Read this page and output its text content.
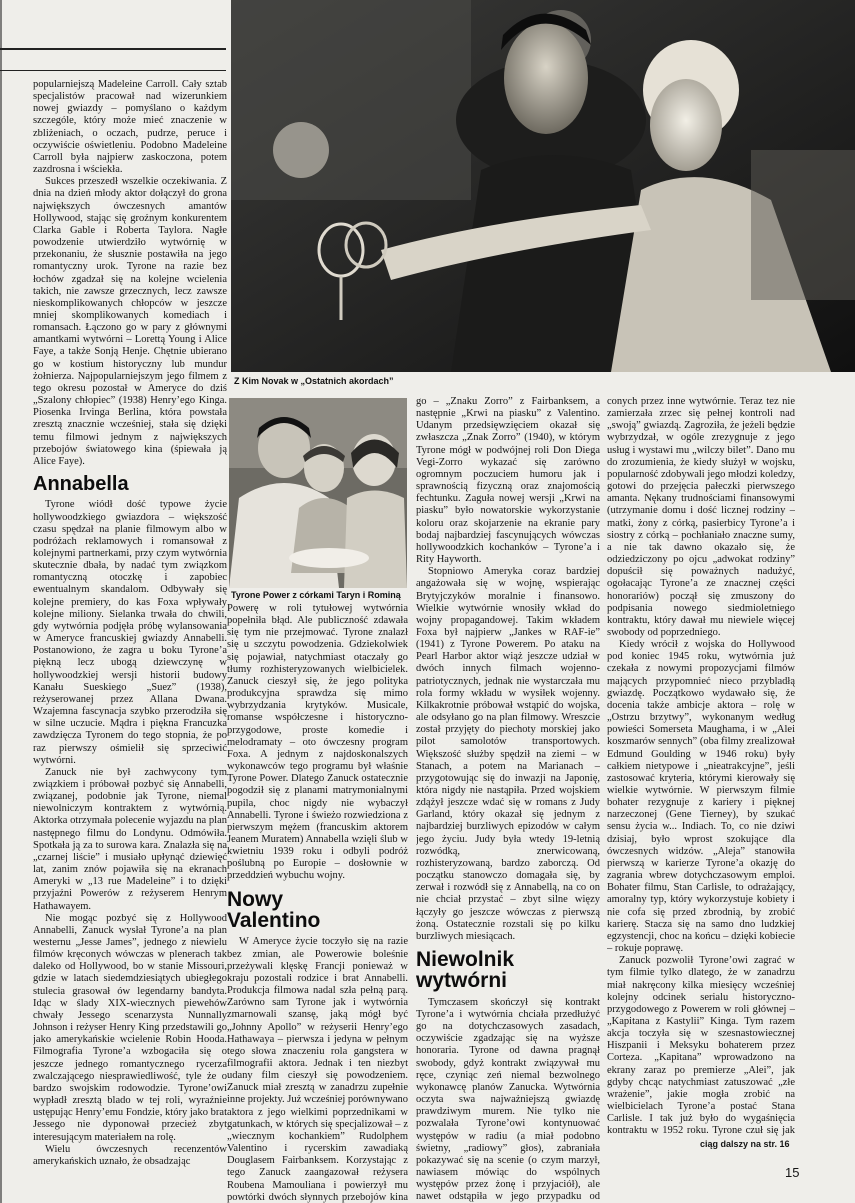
Z Kim Novak w „Ostatnich akordach”
Tyrone Power z córkami Taryn i Rominą

popularniejszą Madeleine Carroll. Cały sztab specjalistów pracował nad wizerunkiem nowej gwiazdy – pomyślano o każdym szczególe, który może mieć znaczenie w zbliżeniach, o oczach, pudrze, peruce i oczywiście oświetleniu. Podobno Madeleine Carroll była najpierw zaskoczona, potem zazdrosna i wściekła.

Sukces przeszedł wszelkie oczekiwania. Z dnia na dzień młody aktor dołączył do grona największych ówczesnych amantów Hollywood, stając się groźnym konkurentem Clarka Gable i Roberta Taylora. Nagłe powodzenie utwierdziło wytwórnię w przekonaniu, że słusznie postawiła na jego romantyczny urok. Tyrone na razie bez łochów zgadzał się na kolejne wcielenia takich, nie zawsze grzecznych, lecz zawsze nieskomplikowanych chłopców w jeszcze mniej skomplikowanych komediach i romansach. Łączono go w pary z głównymi amantkami wytwórni – Lorettą Young i Alice Faye, a także Sonją Henje. Chętnie ubierano go w kostium historyczny lub mundur żołnierza. Najpopularniejszym jego filmem z tego okresu pozostał w Ameryce do dziś „Szalony chłopiec” (1938) Henry’ego Kinga. Piosenka Irvinga Berlina, która powstała zresztą znacznie wcześniej, stała się dzięki temu filmowi jednym z największych przebojów światowego kina (śpiewała ją Alice Faye).

Annabella

Tyrone wiódł dość typowe życie hollywoodzkiego gwiazdora – większość czasu spędzał na planie filmowym albo w podróżach reklamowych i romansował z kolejnymi partnerkami, przy czym wytwórnia skutecznie dbała, by nadać tym związkom romantyczną otoczkę i zapobiec ewentualnym skandalom. Odbywały się kolejne premiery, do kas Foxa wpływały kolejne miliony. Sielanka trwała do chwili, gdy wytwórnia podjęła próbę wylansowania w Ameryce francuskiej gwiazdy Annabelli. Postanowiono, że zagra u boku Tyrone’a piękną lecz ubogą dziewczynę w hollywoodzkiej wersji historii budowy Kanału Sueskiego „Suez” (1938), reżyserowanej przez Allana Dwana. Wzajemna fascynacja szybko przerodziła się w silne uczucie. Mądra i piękna Francuzka zawdzięcza Tyronem do tego stopnia, że po raz pierwszy ośmielił się sprzeciwić wytwórni.

Zanuck nie był zachwycony tym związkiem i próbował pozbyć się Annabelli, związanej, podobnie jak Tyrone, niemal niewolniczym kontraktem z wytwórnią. Aktorka otrzymała polecenie wyjazdu na plan następnego filmu do Londynu. Odmówiła. Spotkała ją za to surowa kara. Znalazła się na „czarnej liście” i musiało upłynąć dziewięć lat, zanim znów pojawiła się na ekranach Ameryki w „13 rue Madeleine” i to dzięki przyjaźni Powerów z reżyserem Henrym Hathawayem.

Nie mogąc pozbyć się z Hollywood Annabelli, Zanuck wysłał Tyrone’a na plan westernu „Jesse James”, jednego z niewielu filmów kręconych wówczas w plenerach tak daleko od Hollywood, bo w stanie Missouri, gdzie w latach siedemdziesiątych ubiegłego stulecia grasował ów legendarny bandyta. Idąc w ślady XIX-wiecznych piewehów chwały Jessego scenarzysta Nunnally Johnson i reżyser Henry King przedstawili go jako amerykańskie wcielenie Robin Hooda. Filmografia Tyrone’a wzbogaciła się o jeszcze jednego romantycznego rycerza zwalczającego niesprawiedliwość, tyle że o bardzo swojskim rodowodzie. Tyrone’owi wypładł zresztą blado w tej roli, wyraźnie ustępując Henry’emu Fondzie, który jako brat Jessego nie dyponował przecież zbyt interesującym materiałem na rolę.

Wielu ówczesnych recenzentów amerykańskich uznało, że obsadzając

Powerę w roli tytułowej wytwórnia popełniła błąd. Ale publiczność zdawała się tym nie przejmować. Tyrone znalazł się u szczytu powodzenia. Gdziekolwiek się pojawiał, natychmiast otaczały go tłumy rozhisteryzowanych wielbicielek. Zanuck cieszył się, że jego polityka produkcyjna sprawdza się mimo wybrzydzania krytyków. Musicale, romanse współczesne i historyczno-przygodowe, proste komedie i melodramaty – oto ówczesny program Foxa. A jednym z najdoskonalszych wykonawców tego programu był właśnie Tyrone Power. Dlatego Zanuck ostatecznie pogodził się z planami matrymonialnymi pupila, choc nigdy nie wybaczył Annabelli. Tyrone i świeżo rozwiedziona z pierwszym mężem (francuskim aktorem Jeanem Muratem) Annabella wzięli ślub w kwietniu 1939 roku i odbyli podróż poślubną po Europie – dosłownie w przeddzień wybuchu wojny.

Nowy Valentino

W Ameryce życie toczyło się na razie bez zmian, ale Powerowie boleśnie przeżywali klęskę Francji ponieważ w kraju pozostali rodzice i brat Annabelli. Produkcja filmowa nadal szła pełną parą. Zarówno sam Tyrone jak i wytwórnia zmarnowali szansę, jaką mógł być „Johnny Apollo” w reżyserii Henry’ego Hathawaya – pierwsza i jedyna w pełnym tego słowa znaczeniu rola gangstera w filmografii aktora. Jednak i ten niezbyt udany film cieszył się powodzeniem. Zanuck miał zresztą w zanadrzu zupełnie inne projekty. Już wcześniej porównywano aktora z jego wielkimi poprzednikami w gatunkach, w których się specjalizował – z „wiecznym kochankiem” Rudolphem Valentino i rycerskim zawadiaką Douglasem Fairbanksem. Korzystając z tego Zanuck zaangazował reżysera Roubena Mamouliana i powierzył mu powtórki dwóch słynnych przebojów kina

go – „Znaku Zorro” z Fairbanksem, a następnie „Krwi na piasku” z Valentino. Udanym przedsięwzięciem okazał się zwłaszcza „Znak Zorro” (1940), w którym Tyrone mógł w podwójnej roli Don Diega Vegi-Zorro wykazać się zarówno ogromnym poczuciem humoru jak i sprawnością fizyczną oraz znajomością fechtunku. Zaguła nowej wersji „Krwi na piasku” było nowatorskie wykorzystanie koloru oraz skojarzenie na ekranie pary bodaj najbardziej fascynujących wówczas hollywoodzkich kochanków – Tyrone’a i Rity Hayworth.

Stopniowo Ameryka coraz bardziej angażowała się w wojnę, wspierając Brytyjczyków moralnie i finansowo. Wielkie wytwórnie wnosiły wkład do wojny propagandowej. Takim wkładem Foxa był najpierw „Jankes w RAF-ie” (1941) z Tyrone Powerem. Po ataku na Pearl Harbor aktor wiąż jeszcze udział w dwóch innych filmach wojenno-patriotycznych, jednak nie wystarczała mu rola formy wkładu w wysiłek wojenny. Kilkakrotnie próbował wstąpić do wojska, ale odsyłano go na plan filmowy. Wreszcie został przyjęty do piechoty morskiej jako pilot samolotów transportowych. Większość służby spędził na ziemi – w Stanach, a potem na Marianach – przygotowując się do inwazji na Japonię, która nigdy nie nastąpiła. Przed wojskiem zdążył jeszcze wdać się w romans z Judy Garland, który okazał się jednym z najbardziej burzliwych epizodów w całym jego życiu. Judy była wtedy 19-letnią rozwódką, znerwicowaną, rozhisteryzowaną, bardzo zaborczą. Od początku stanowczo domagała się, by zerwał i rozwódł się z Annabellą, na co on nie chciał przystać – zbyt silne więzy łączyły go jeszcze wówczas z pierwszą żoną. Ostatecznie rozstali się po kilku burzliwych miesiącach.

Niewolnik wytwórni

Tymczasem skończył się kontrakt Tyrone’a i wytwórnia chciała przedłużyć go na dotychczasowych zasadach, oczywiście zgadzając się na wyższe honoraria. Tyrone od dawna pragnął swobody, gdyż kontrakt związywał mu ręce, czyniąc zeń niemal bezwolnego wykonawcę planów Zanucka. Wytwórnia oczyta swa najważniejszą gwiazdę prawdziwym murem. Nie tylko nie pozwalała Tyrone’owi kontynuować występów w radiu (a miał podobno świetny, „radiowy” głos), zabraniała pokazywać się na scenie (o czym marzył, nawiasem mówiąc do wspólnych występów przez żonę i przyjaciół), ale nawet odstąpiła w jego przypadku od

conych przez inne wytwórnie. Teraz tez nie zamierzała zrzec się pełnej kontroli nad „swoją” gwiazdą. Zagroziła, że jeżeli będzie wybrzydzał, w ogóle zrezygnuje z jego usług i wystawi mu „wilczy bilet”. Dano mu do zrozumienia, że kiedy służył w wojsku, popularność zdobywali jego młodzi koledzy, gotowi do przejęcia pałeczki pierwszego amanta. Nękany trudnościami finansowymi (utrzymanie domu i dość licznej rodziny – matki, żony z córką, pasierbicy Tyrone’a i siostry z córką – pochłaniało znaczne sumy, a nie tak dawno okazało się, że odziedziczony po ojcu „adwokat rodziny” dopuścił się poważnych nadużyć, ogołacając Tyrone’a ze znacznej części honorariów) począł się zmuszony do podpisania nowego siedmioletniego kontraktu, który dawał mu niewiele więcej swobody od poprzedniego.

Kiedy wrócił z wojska do Hollywood pod koniec 1945 roku, wytwórnia już czekała z nowymi propozycjami filmów mających przypomnieć nieco przybladłą gwiazdę. Początkowo wydawało się, że docenia także ambicje aktora – rolę w „Ostrzu brzytwy”, wykonanym według powieści Somerseta Maughama, i w „Alei koszmarów sennych” (oba filmy zrealizował Edmund Goulding w 1946 roku) były całkiem nietypowe i „nieatrakcyjne”, jeśli zastosować kryteria, którymi kierowały się wielkie wytwórnie. W pierwszym filmie bohater rezygnuje z kariery i pięknej narzeczonej (Gene Tierney), by szukać sensu życia w... Indiach. To, co nie dziwi dzisiaj, było wprost szokujące dla ówczesnych widzów. „Aleja” stanowiła pierwszą w karierze Tyrone’a okazję do zagrania wbrew dotychczasowym emploi. Bohater filmu, Stan Carlisle, to odrażający, amoralny typ, który wykorzystuje kobiety i nie cofa się przed zbrodnią, by zrobić karierę. Stacza się na samo dno ludzkiej egzystencji, choc na końcu – dzięki kobiecie – rokuje poprawę.

Zanuck pozwolił Tyrone’owi zagrać w tym filmie tylko dlatego, że w zanadrzu miał nakręcony kilka miesięcy wcześniej kolejny odcinek serialu historyczno-przygodowego z Powerem w roli głównej – „Kapitana z Kastylii” Kinga. Tym razem akcja toczyła się w szesnastowiecznej Hiszpanii i Meksyku bohaterem przez Corteza. „Kapitana” wprowadzono na ekrany zaraz po premierze „Alei”, jak gdyby chcąc natychmiast zatuszować „złe wrażenie”, jakie mogła zrobić na wielbicielach Tyrone’a postać Stana Carlisle. I tak już było do wygaśnięcia kontraktu w 1952 roku. Tyrone czuł się jak

ciąg dalszy na str. 16
15
